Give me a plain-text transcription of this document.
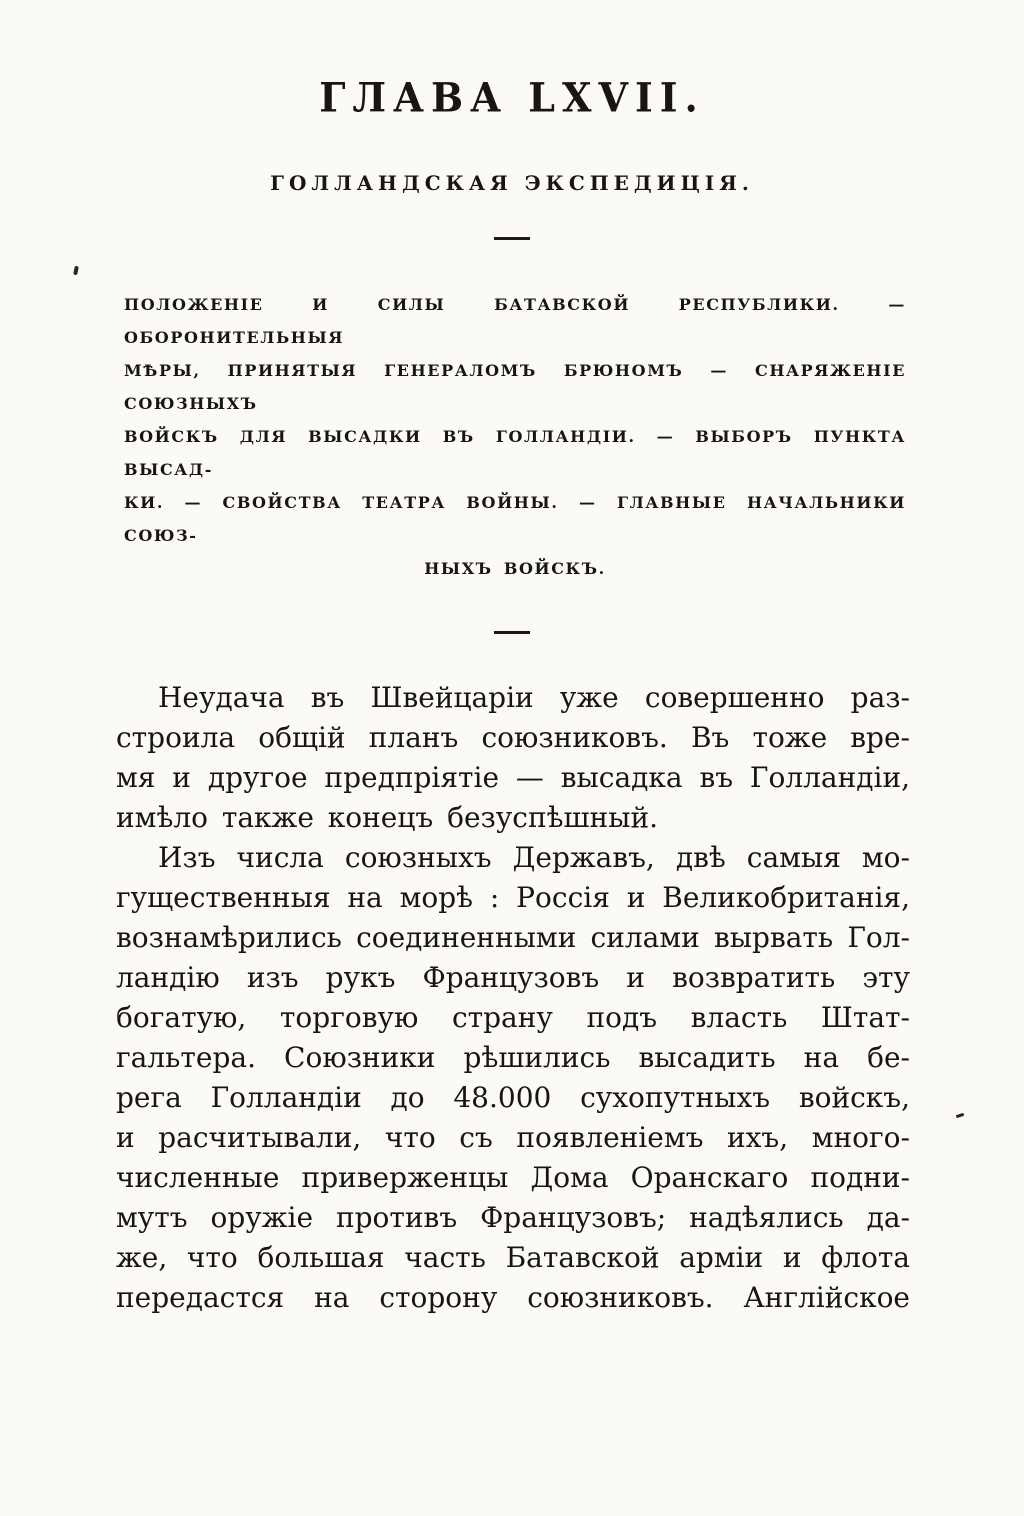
ГЛАВА LXVII.
ГОЛЛАНДСКАЯ ЭКСПЕДИЦІЯ.
ПОЛОЖЕНІЕ И СИЛЫ БАТАВСКОЙ РЕСПУБЛИКИ. — ОБОРОНИТЕЛЬНЫЯ
МѢРЫ, ПРИНЯТЫЯ ГЕНЕРАЛОМЪ БРЮНОМЪ — СНАРЯЖЕНІЕ СОЮЗНЫХЪ
ВОЙСКЪ ДЛЯ ВЫСАДКИ ВЪ ГОЛЛАНДІИ. — ВЫБОРЪ ПУНКТА ВЫСАД-
КИ. — СВОЙСТВА ТЕАТРА ВОЙНЫ. — ГЛАВНЫЕ НАЧАЛЬНИКИ СОЮЗ-
НЫХЪ ВОЙСКЪ.
Неудача въ Швейцаріи уже совершенно раз-
строила общій планъ союзниковъ. Въ тоже вре-
мя и другое предпріятіе — высадка въ Голландіи,
имѣло также конецъ безуспѣшный.
Изъ числа союзныхъ Державъ, двѣ самыя мо-
гущественныя на морѣ : Россія и Великобританія,
вознамѣрились соединенными силами вырвать Гол-
ландію изъ рукъ Французовъ и возвратить эту
богатую, торговую страну подъ власть Штат-
гальтера. Союзники рѣшились высадить на бе-
рега Голландіи до 48.000 сухопутныхъ войскъ,
и расчитывали, что съ появленіемъ ихъ, много-
численные приверженцы Дома Оранскаго подни-
мутъ оружіе противъ Французовъ; надѣялись да-
же, что большая часть Батавской арміи и флота
передастся на сторону союзниковъ. Англійское
